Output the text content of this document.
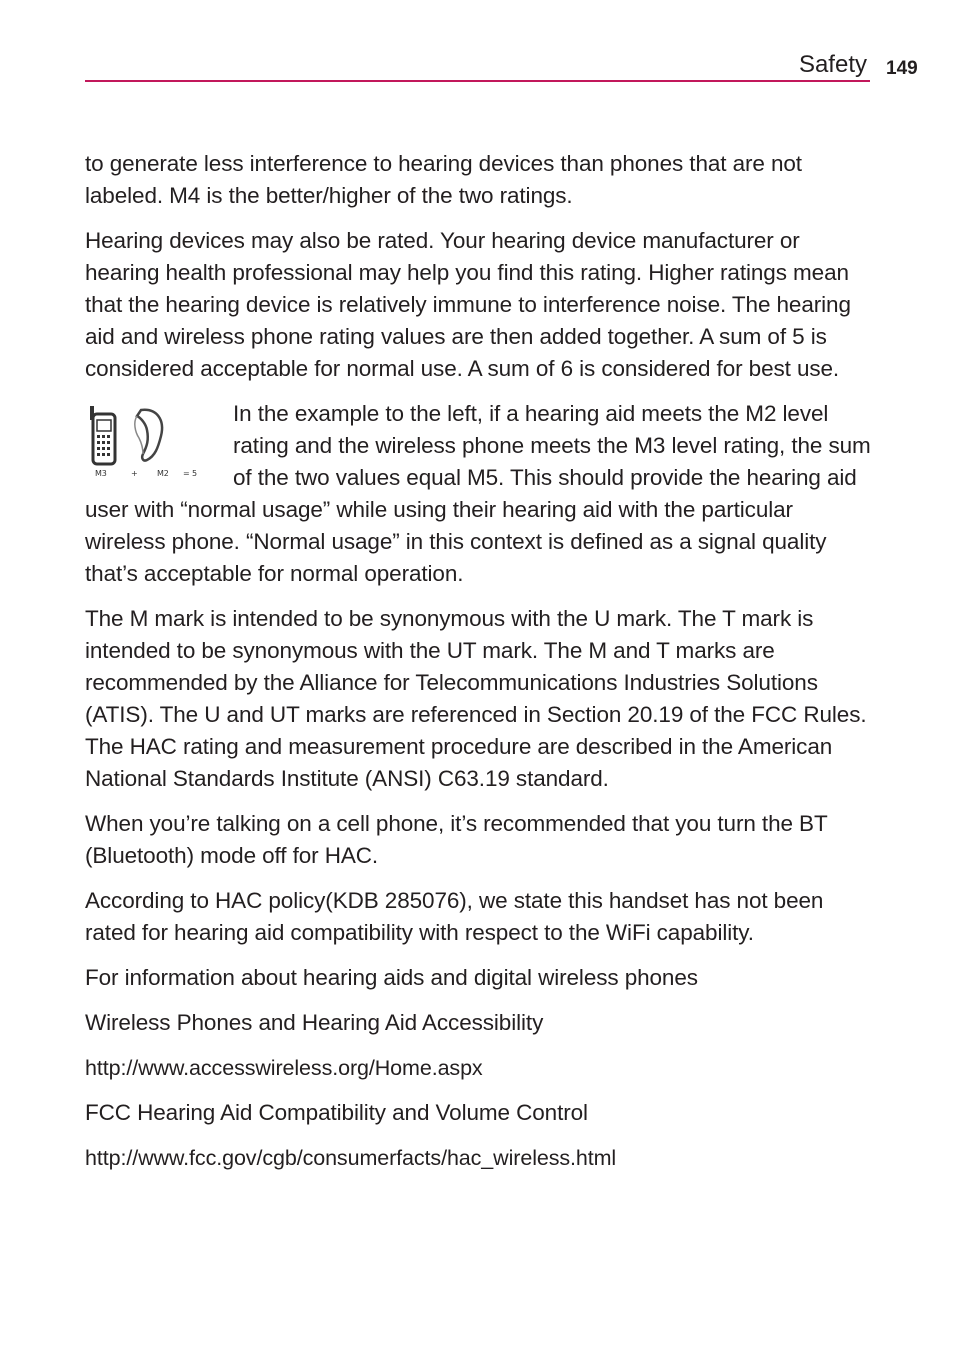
Safety 149

to generate less interference to hearing devices than phones that are not labeled. M4 is the better/higher of the two ratings.

Hearing devices may also be rated. Your hearing device manufacturer or hearing health professional may help you find this rating. Higher ratings mean that the hearing device is relatively immune to interference noise. The hearing aid and wireless phone rating values are then added together. A sum of 5 is considered acceptable for normal use. A sum of 6 is considered for best use.

M3	+ M2 = 5

In the example to the left, if a hearing aid meets the M2 level rating and the wireless phone meets the M3 level rating, the sum of the two values equal M5. This should provide the hearing aid user with “normal usage” while using their hearing aid with the particular wireless phone. “Normal usage” in this context is defined as a signal quality that’s acceptable for normal operation.

The M mark is intended to be synonymous with the U mark. The T mark is intended to be synonymous with the UT mark. The M and T marks are recommended by the Alliance for Telecommunications Industries Solutions (ATIS). The U and UT marks are referenced in Section 20.19 of the FCC Rules. The HAC rating and measurement procedure are described in the American National Standards Institute (ANSI) C63.19 standard.

When you’re talking on a cell phone, it’s recommended that you turn the BT (Bluetooth) mode off for HAC.

According to HAC policy(KDB 285076), we state this handset has not been rated for hearing aid compatibility with respect to the WiFi capability.

For information about hearing aids and digital wireless phones

Wireless Phones and Hearing Aid Accessibility

http://www.accesswireless.org/Home.aspx

FCC Hearing Aid Compatibility and Volume Control

http://www.fcc.gov/cgb/consumerfacts/hac_wireless.html
